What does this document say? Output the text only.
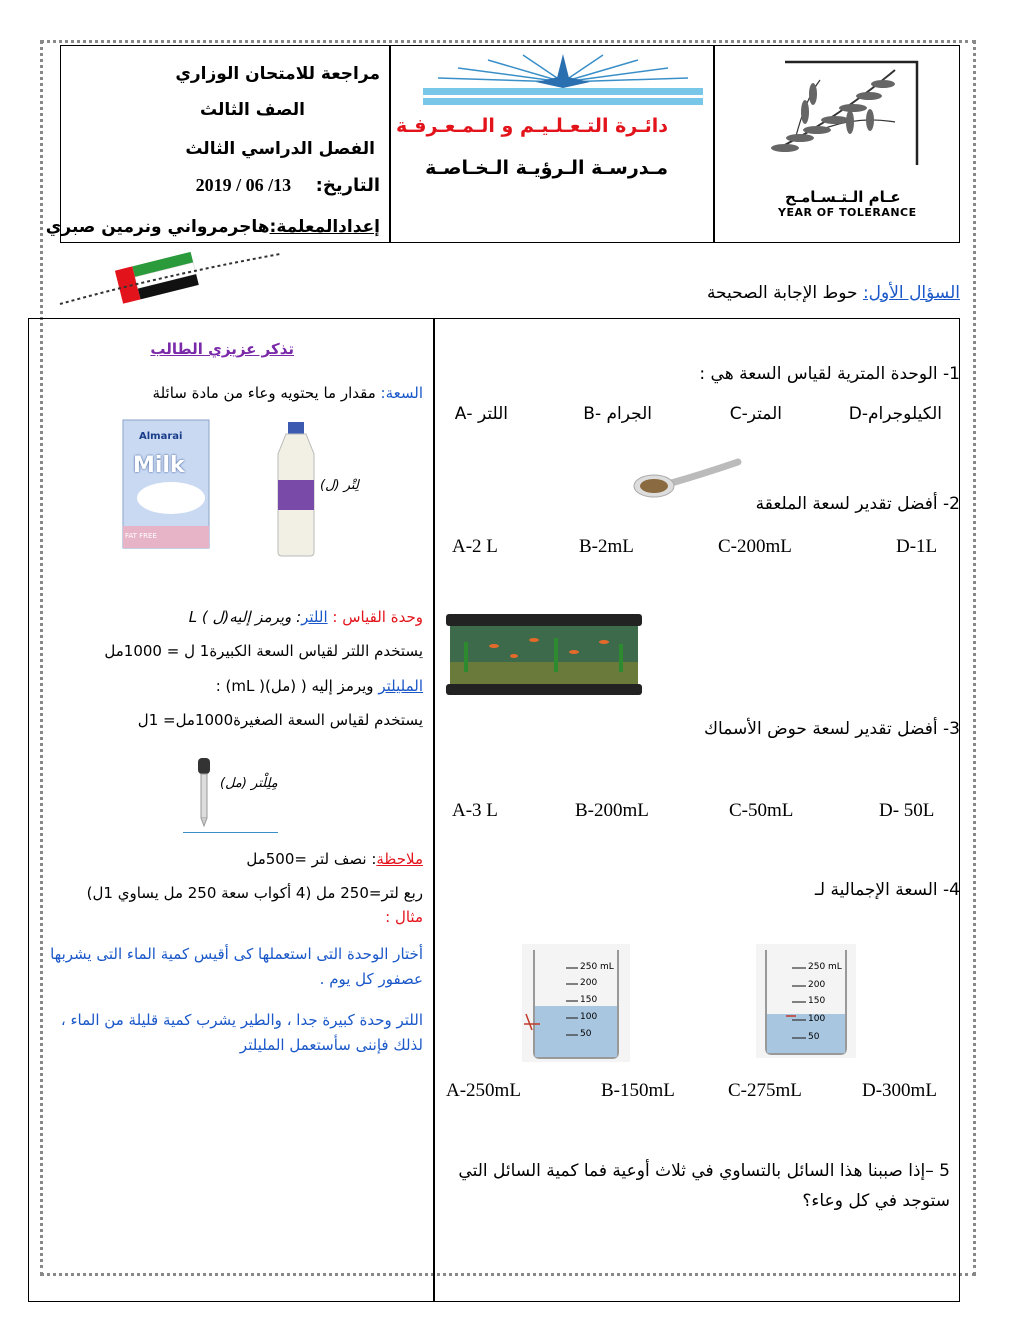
مراجعة للامتحان الوزاري
الصف الثالث
الفصل الدراسي الثالث
التاريخ:  2019 / 06 /13
إعدادالمعلمة:هاجرمرواني ونرمين صبري
دائـرة التـعـلـيـم و الـمـعـرفـة
مـدرسـة الـرؤيـة الـخـاصـة
عـام الـتـسـامـح
YEAR OF TOLERANCE
السؤال الأول: حوط الإجابة الصحيحة
1- الوحدة المترية لقياس السعة هي :
الكيلوجرام-D
المتر-C
الجرام -B
اللتر -A
2- أفضل تقدير لسعة الملعقة
D-1L
C-200mL
B-2mL
A-2 L
3- أفضل تقدير لسعة حوض الأسماك
D- 50L
C-50mL
B-200mL
A-3 L
4- السعة الإجمالية لـ
250 mL
200
150
100
50
250 mL
200
150
100
50
D-300mL
C-275mL
B-150mL
A-250mL
5 –إذا صببنا هذا السائل بالتساوي في ثلاث أوعية فما كمية السائل التي
ستوجد في كل وعاء؟
تذكر عزيزي الطالب
السعة: مقدار ما يحتويه وعاء من مادة سائلة
Almarai
Milk
FAT FREE
لِتْر (ل)
وحدة القياس : اللتر: ويرمز إليه(ل ) L
يستخدم اللتر لقياس السعة الكبيرة1 ل = 1000مل
المليلتر ويرمز إليه ( (مل)( mL) :
يستخدم لقياس السعة الصغيرة1000مل= 1ل
مِلِلْتر (مل)
ملاحظة: نصف لتر =500مل
ربع لتر=250 مل (4 أكواب سعة 250 مل يساوي 1ل)
مثال :
أختار الوحدة التى استعملها كى أقيس كمية الماء التى يشربها
عصفور كل يوم .
اللتر وحدة كبيرة جدا ، والطير يشرب كمية قليلة من الماء ،
لذلك فإننى سأستعمل المليلتر
